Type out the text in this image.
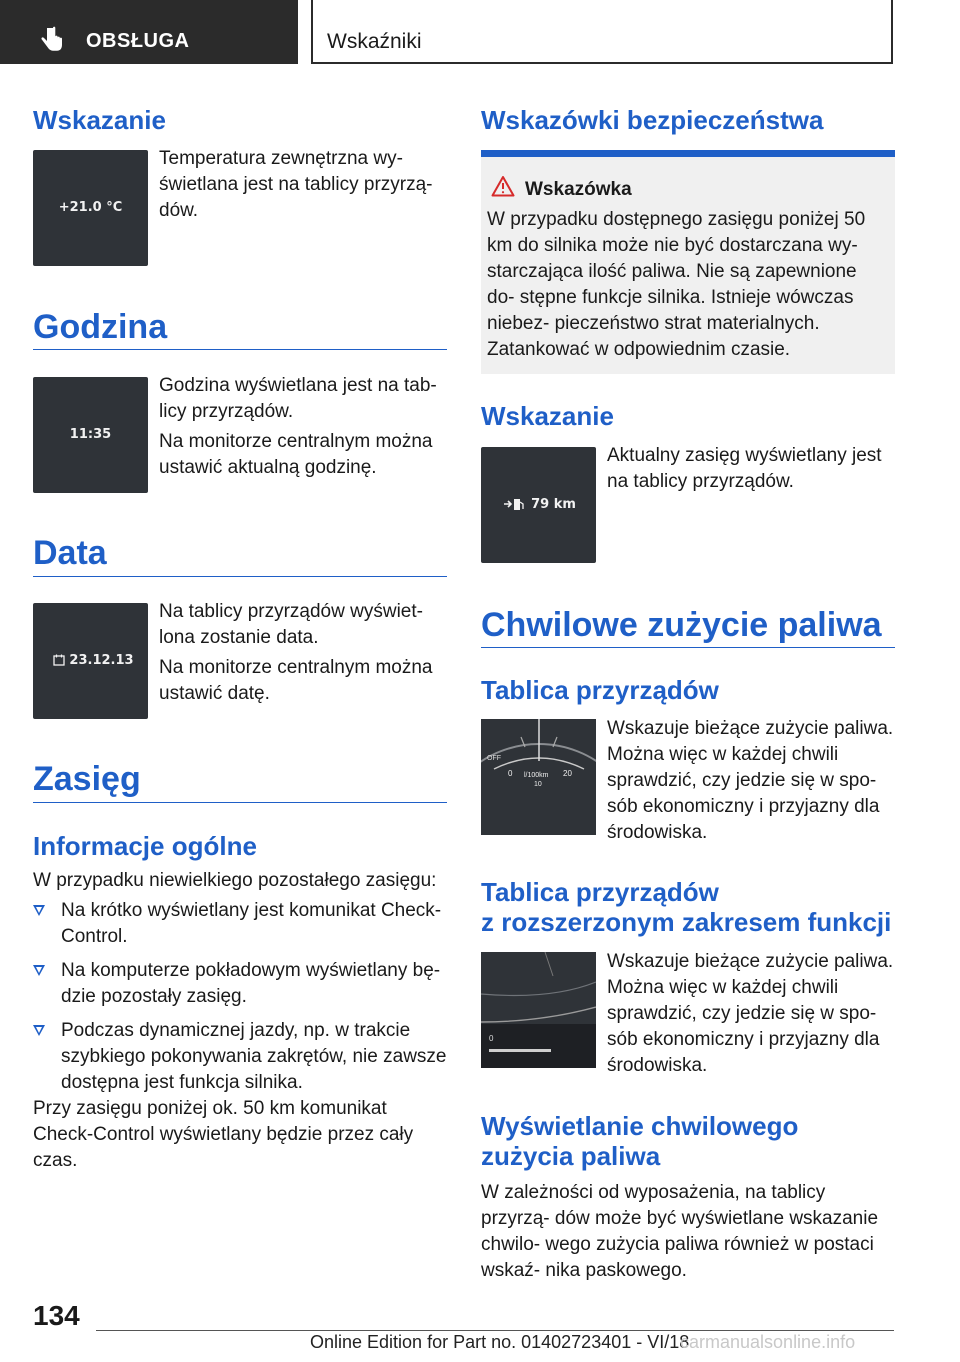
OBSŁUGA	Wskaźniki
Wskazanie
+21.0 °C

Temperatura zewnętrzna wy- świetlana jest na tablicy przyrzą- dów.

Godzina
11:35

Godzina wyświetlana jest na tab- licy przyrządów.

Na monitorze centralnym można ustawić aktualną godzinę.

Data
23.12.13

Na tablicy przyrządów wyświet- lona zostanie data.

Na monitorze centralnym można ustawić datę.

Zasięg
Informacje ogólne

W przypadku niewielkiego pozostałego zasięgu:

Na krótko wyświetlany jest komunikat Check-Control.
Na komputerze pokładowym wyświetlany bę- dzie pozostały zasięg.
Podczas dynamicznej jazdy, np. w trakcie szybkiego pokonywania zakrętów, nie zawsze dostępna jest funkcja silnika.

Przy zasięgu poniżej ok. 50 km komunikat Check-Control wyświetlany będzie przez cały czas.

Wskazówki bezpieczeństwa
Wskazówka
W przypadku dostępnego zasięgu poniżej 50 km do silnika może nie być dostarczana wy- starczająca ilość paliwa. Nie są zapewnione do- stępne funkcje silnika. Istnieje wówczas niebez- pieczeństwo strat materialnych. Zatankować w odpowiednim czasie.
Wskazanie
79 km

Aktualny zasięg wyświetlany jest na tablicy przyrządów.

Chwilowe zużycie paliwa
Tablica przyrządów
OFF
0 l/100km
10
20

Wskazuje bieżące zużycie paliwa. Można więc w każdej chwili sprawdzić, czy jedzie się w spo- sób ekonomiczny i przyjazny dla środowiska.

Tablica przyrządów
z rozszerzonym zakresem funkcji
0

Wskazuje bieżące zużycie paliwa. Można więc w każdej chwili sprawdzić, czy jedzie się w spo- sób ekonomiczny i przyjazny dla środowiska.

Wyświetlanie chwilowego
zużycia paliwa

W zależności od wyposażenia, na tablicy przyrzą- dów może być wyświetlane wskazanie chwilo- wego zużycia paliwa również w postaci wskaź- nika paskowego.

134
Online Edition for Part no. 01402723401 - VI/18
carmanualsonline.info
